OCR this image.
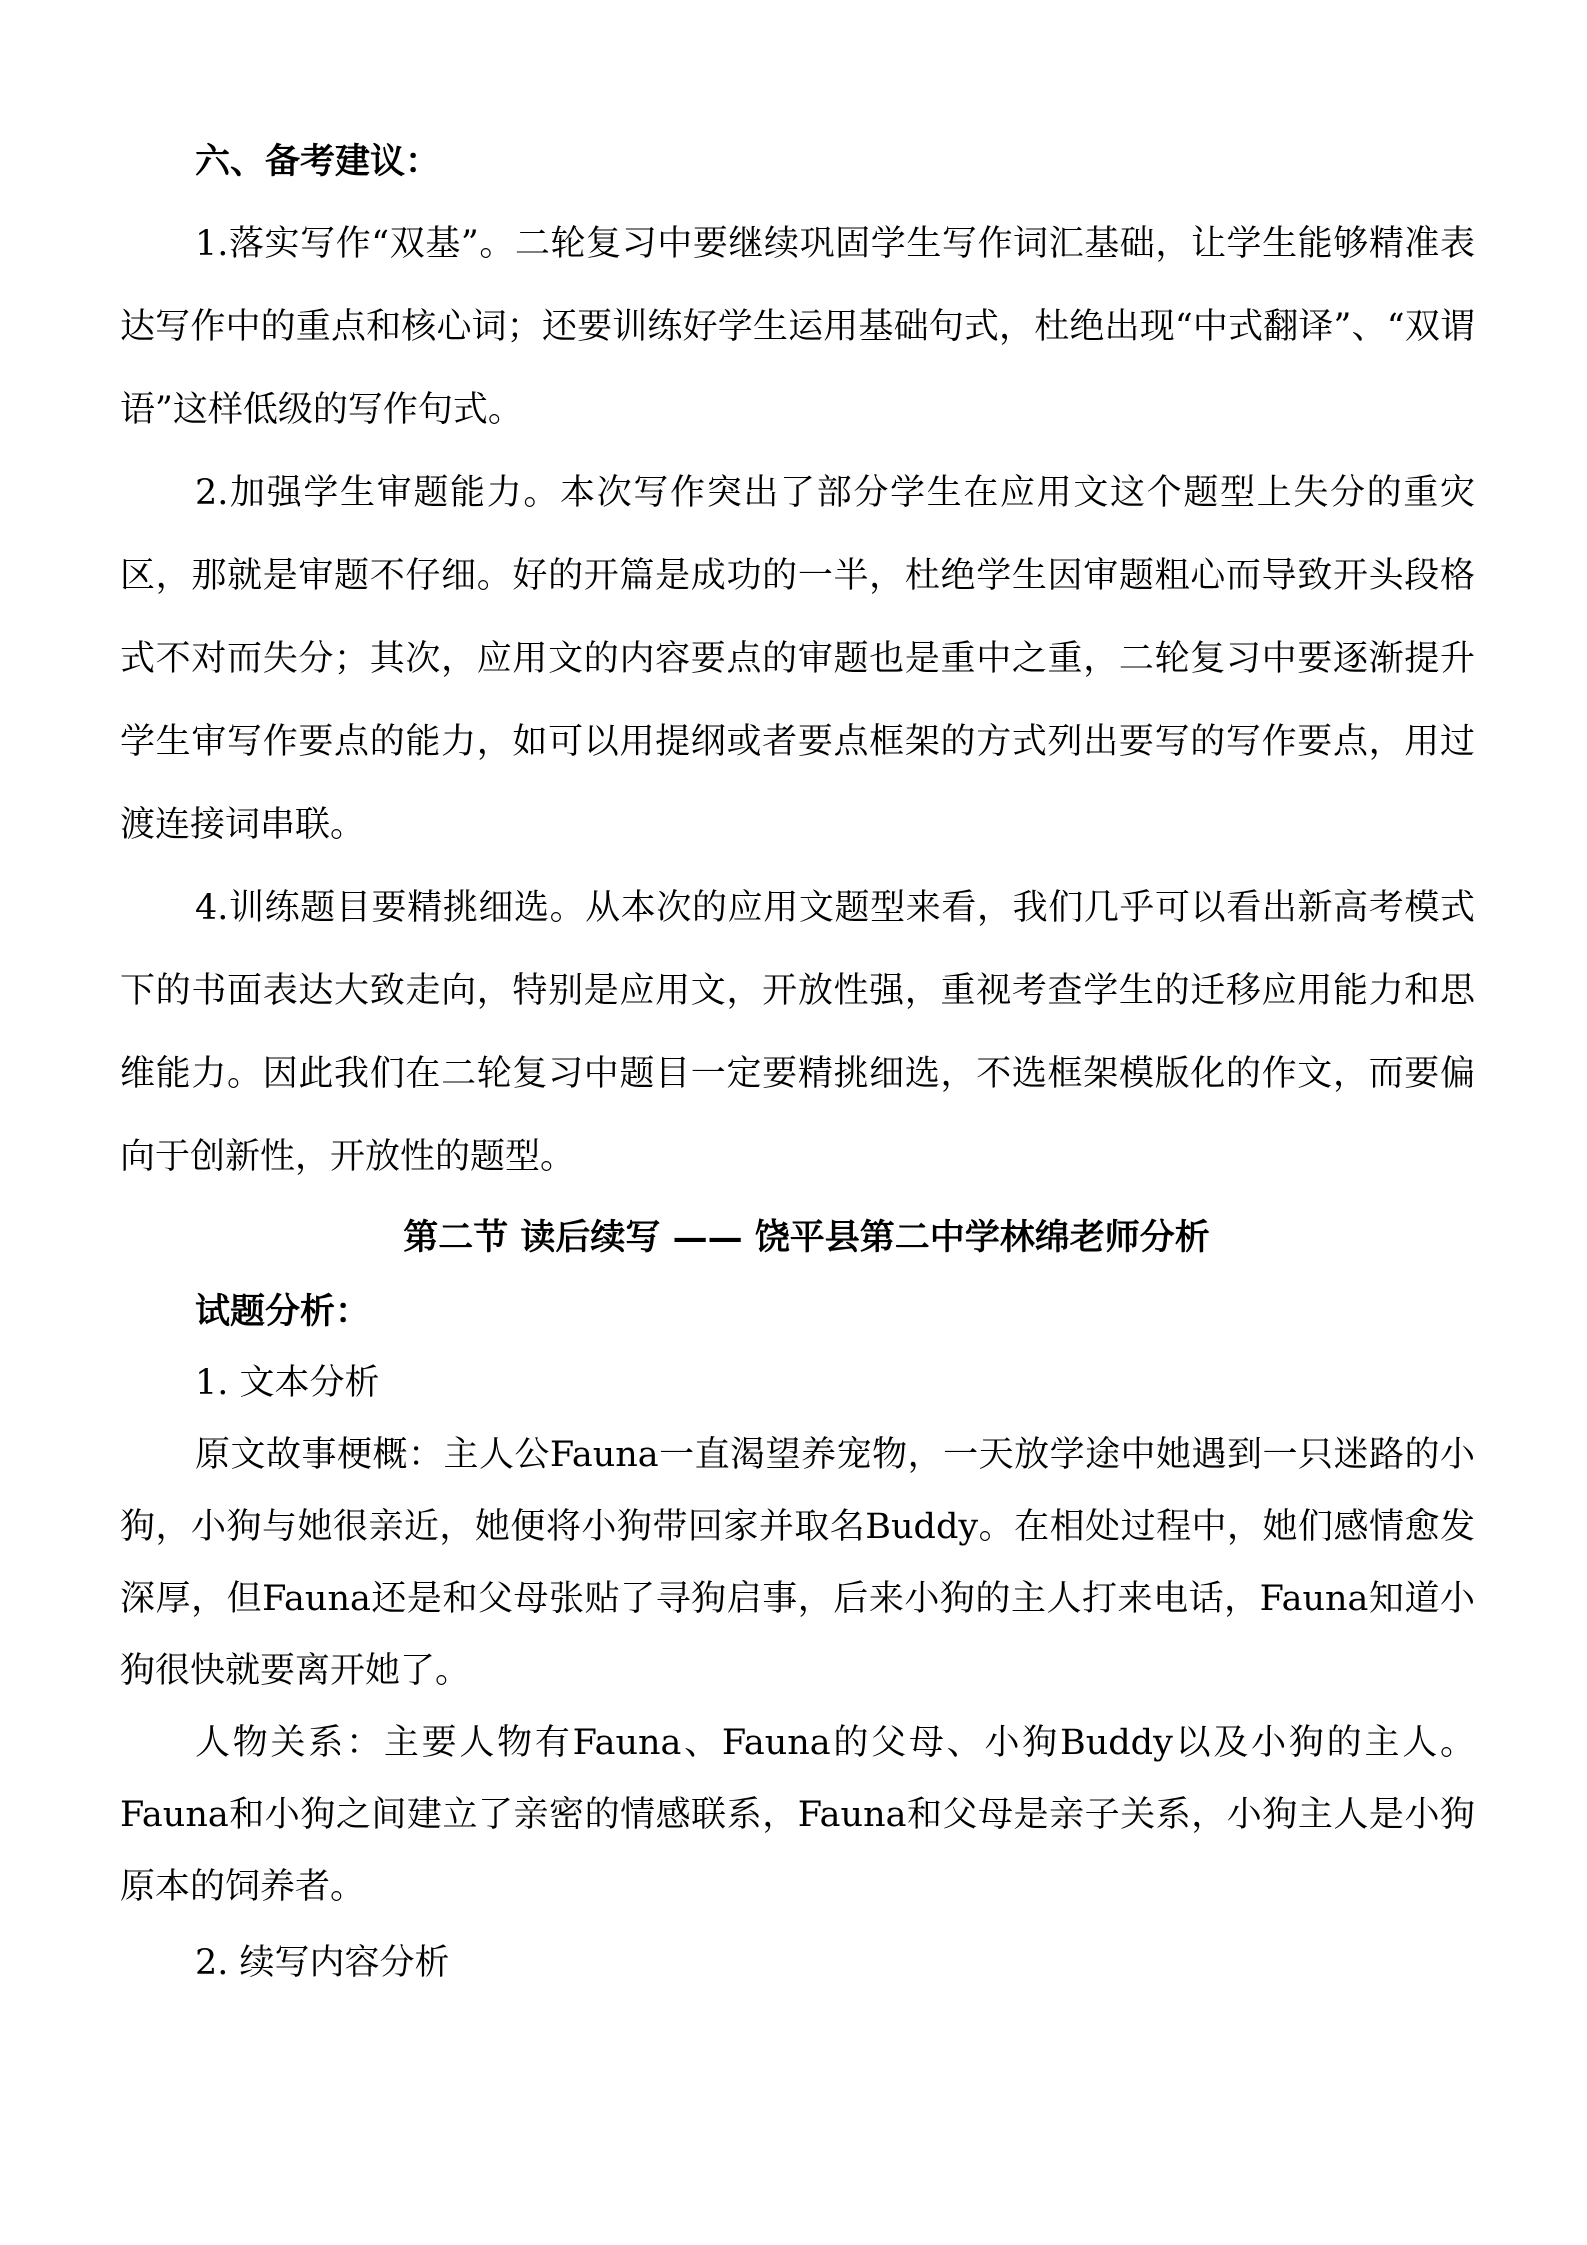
六、备考建议：

1.落实写作“双基”。二轮复习中要继续巩固学生写作词汇基础，让学生能够精准表达写作中的重点和核心词；还要训练好学生运用基础句式，杜绝出现“中式翻译”、“双谓语”这样低级的写作句式。

2.加强学生审题能力。本次写作突出了部分学生在应用文这个题型上失分的重灾区，那就是审题不仔细。好的开篇是成功的一半，杜绝学生因审题粗心而导致开头段格式不对而失分；其次，应用文的内容要点的审题也是重中之重，二轮复习中要逐渐提升学生审写作要点的能力，如可以用提纲或者要点框架的方式列出要写的写作要点，用过渡连接词串联。

4.训练题目要精挑细选。从本次的应用文题型来看，我们几乎可以看出新高考模式下的书面表达大致走向，特别是应用文，开放性强，重视考查学生的迁移应用能力和思维能力。因此我们在二轮复习中题目一定要精挑细选，不选框架模版化的作文，而要偏向于创新性，开放性的题型。

第二节 读后续写 —— 饶平县第二中学林绵老师分析

试题分析：

1. 文本分析

原文故事梗概：主人公Fauna一直渴望养宠物，一天放学途中她遇到一只迷路的小狗，小狗与她很亲近，她便将小狗带回家并取名Buddy。在相处过程中，她们感情愈发深厚，但Fauna还是和父母张贴了寻狗启事，后来小狗的主人打来电话，Fauna知道小狗很快就要离开她了。

人物关系：主要人物有Fauna、Fauna的父母、小狗Buddy以及小狗的主人。Fauna和小狗之间建立了亲密的情感联系，Fauna和父母是亲子关系，小狗主人是小狗原本的饲养者。

2. 续写内容分析
